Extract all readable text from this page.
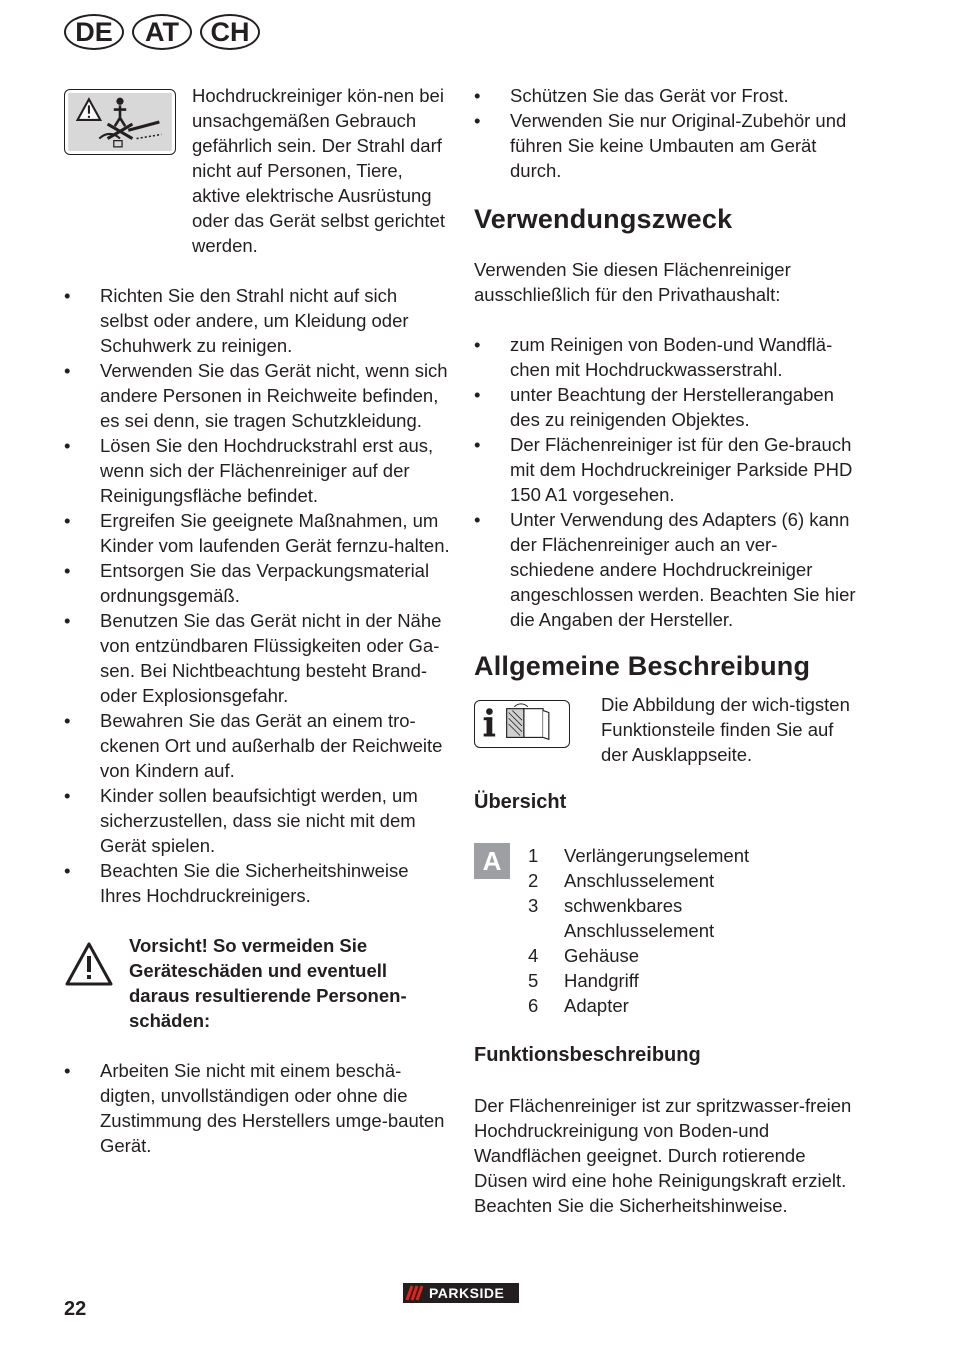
DE	AT	CH
Hochdruckreiniger kön-nen bei unsachgemäßen Gebrauch gefährlich sein. Der Strahl darf nicht auf Personen, Tiere, aktive elektrische Ausrüstung oder das Gerät selbst gerichtet werden.
• Richten Sie den Strahl nicht auf sich selbst oder andere, um Kleidung oder Schuhwerk zu reinigen.
• Verwenden Sie das Gerät nicht, wenn sich andere Personen in Reichweite befinden, es sei denn, sie tragen Schutzkleidung.
• Lösen Sie den Hochdruckstrahl erst aus, wenn sich der Flächenreiniger auf der Reinigungsfläche befindet.
• Ergreifen Sie geeignete Maßnahmen, um Kinder vom laufenden Gerät fernzu-halten.
• Entsorgen Sie das Verpackungsmaterial ordnungsgemäß.
• Benutzen Sie das Gerät nicht in der Nähe von entzündbaren Flüssigkeiten oder Ga-sen. Bei Nichtbeachtung besteht Brand- oder Explosionsgefahr.
• Bewahren Sie das Gerät an einem tro-ckenen Ort und außerhalb der Reichweite von Kindern auf.
• Kinder sollen beaufsichtigt werden, um sicherzustellen, dass sie nicht mit dem Gerät spielen.
• Beachten Sie die Sicherheitshinweise Ihres Hochdruckreinigers.
Vorsicht! So vermeiden Sie Geräteschäden und eventuell daraus resultierende Personen-schäden:
• Arbeiten Sie nicht mit einem beschä-digten, unvollständigen oder ohne die Zustimmung des Herstellers umge-bauten Gerät.
• Schützen Sie das Gerät vor Frost.
• Verwenden Sie nur Original-Zubehör und führen Sie keine Umbauten am Gerät durch.
Verwendungszweck
Verwenden Sie diesen Flächenreiniger ausschließlich für den Privathaushalt:
• zum Reinigen von Boden-und Wandflä-chen mit Hochdruckwasserstrahl.
• unter Beachtung der Herstellerangaben des zu reinigenden Objektes.
• Der Flächenreiniger ist für den Ge-brauch mit dem Hochdruckreiniger Parkside PHD 150 A1 vorgesehen.
• Unter Verwendung des Adapters (6) kann der Flächenreiniger auch an ver-schiedene andere Hochdruckreiniger angeschlossen werden. Beachten Sie hier die Angaben der Hersteller.
Allgemeine Beschreibung
Die Abbildung der wich-tigsten Funktionsteile finden Sie auf der Ausklappseite.
Übersicht
A	1	Verlängerungselement
2	Anschlusselement
3	schwenkbares Anschlusselement
4	Gehäuse
5	Handgriff
6	Adapter
Funktionsbeschreibung
Der Flächenreiniger ist zur spritzwasser-freien Hochdruckreinigung von Boden-und Wandflächen geeignet. Durch rotierende Düsen wird eine hohe Reinigungskraft erzielt.
Beachten Sie die Sicherheitshinweise.
22
PARKSIDE
